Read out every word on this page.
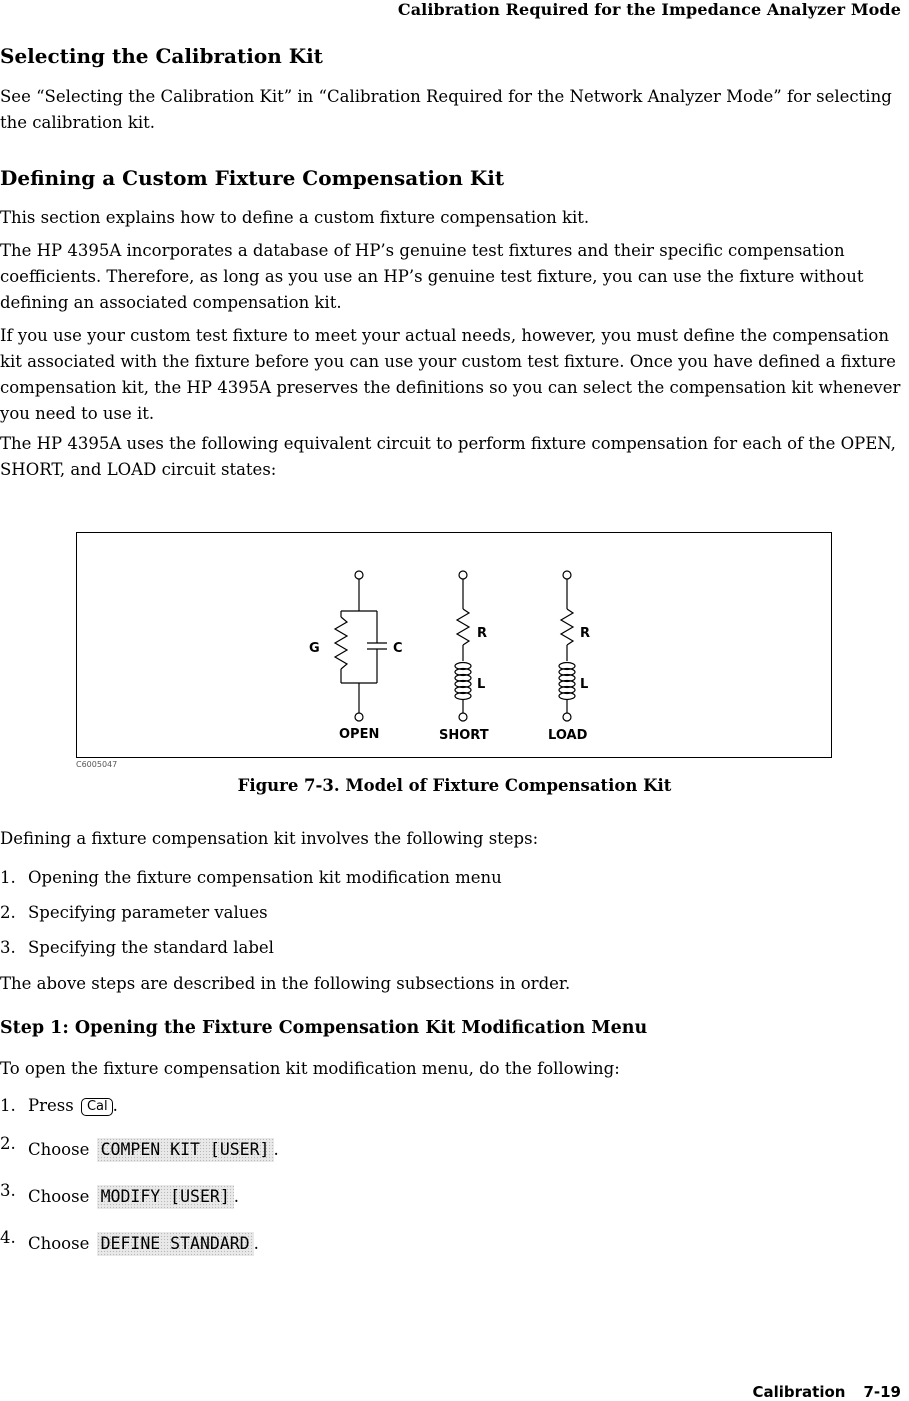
Calibration Required for the Impedance Analyzer Mode
Selecting the Calibration Kit

See “Selecting the Calibration Kit” in “Calibration Required for the Network Analyzer Mode” for selecting the calibration kit.

Defining a Custom Fixture Compensation Kit

This section explains how to define a custom fixture compensation kit.

The HP 4395A incorporates a database of HP’s genuine test fixtures and their specific compensation coefficients. Therefore, as long as you use an HP’s genuine test fixture, you can use the fixture without defining an associated compensation kit.

If you use your custom test fixture to meet your actual needs, however, you must define the compensation kit associated with the fixture before you can use your custom test fixture. Once you have defined a fixture compensation kit, the HP 4395A preserves the definitions so you can select the compensation kit whenever you need to use it.

The HP 4395A uses the following equivalent circuit to perform fixture compensation for each of the OPEN, SHORT, and LOAD circuit states:

G	C
R
L
R
L
OPEN	SHORT	LOAD
C6005047
Figure 7-3. Model of Fixture Compensation Kit

Defining a fixture compensation kit involves the following steps:

1. Opening the fixture compensation kit modification menu
2. Specifying parameter values
3. Specifying the standard label

The above steps are described in the following subsections in order.

Step 1: Opening the Fixture Compensation Kit Modification Menu

To open the fixture compensation kit modification menu, do the following:

1. Press Cal .
2. Choose COMPEN KIT [USER] .
3. Choose MODIFY [USER] .
4. Choose DEFINE STANDARD .
Calibration 7-19
